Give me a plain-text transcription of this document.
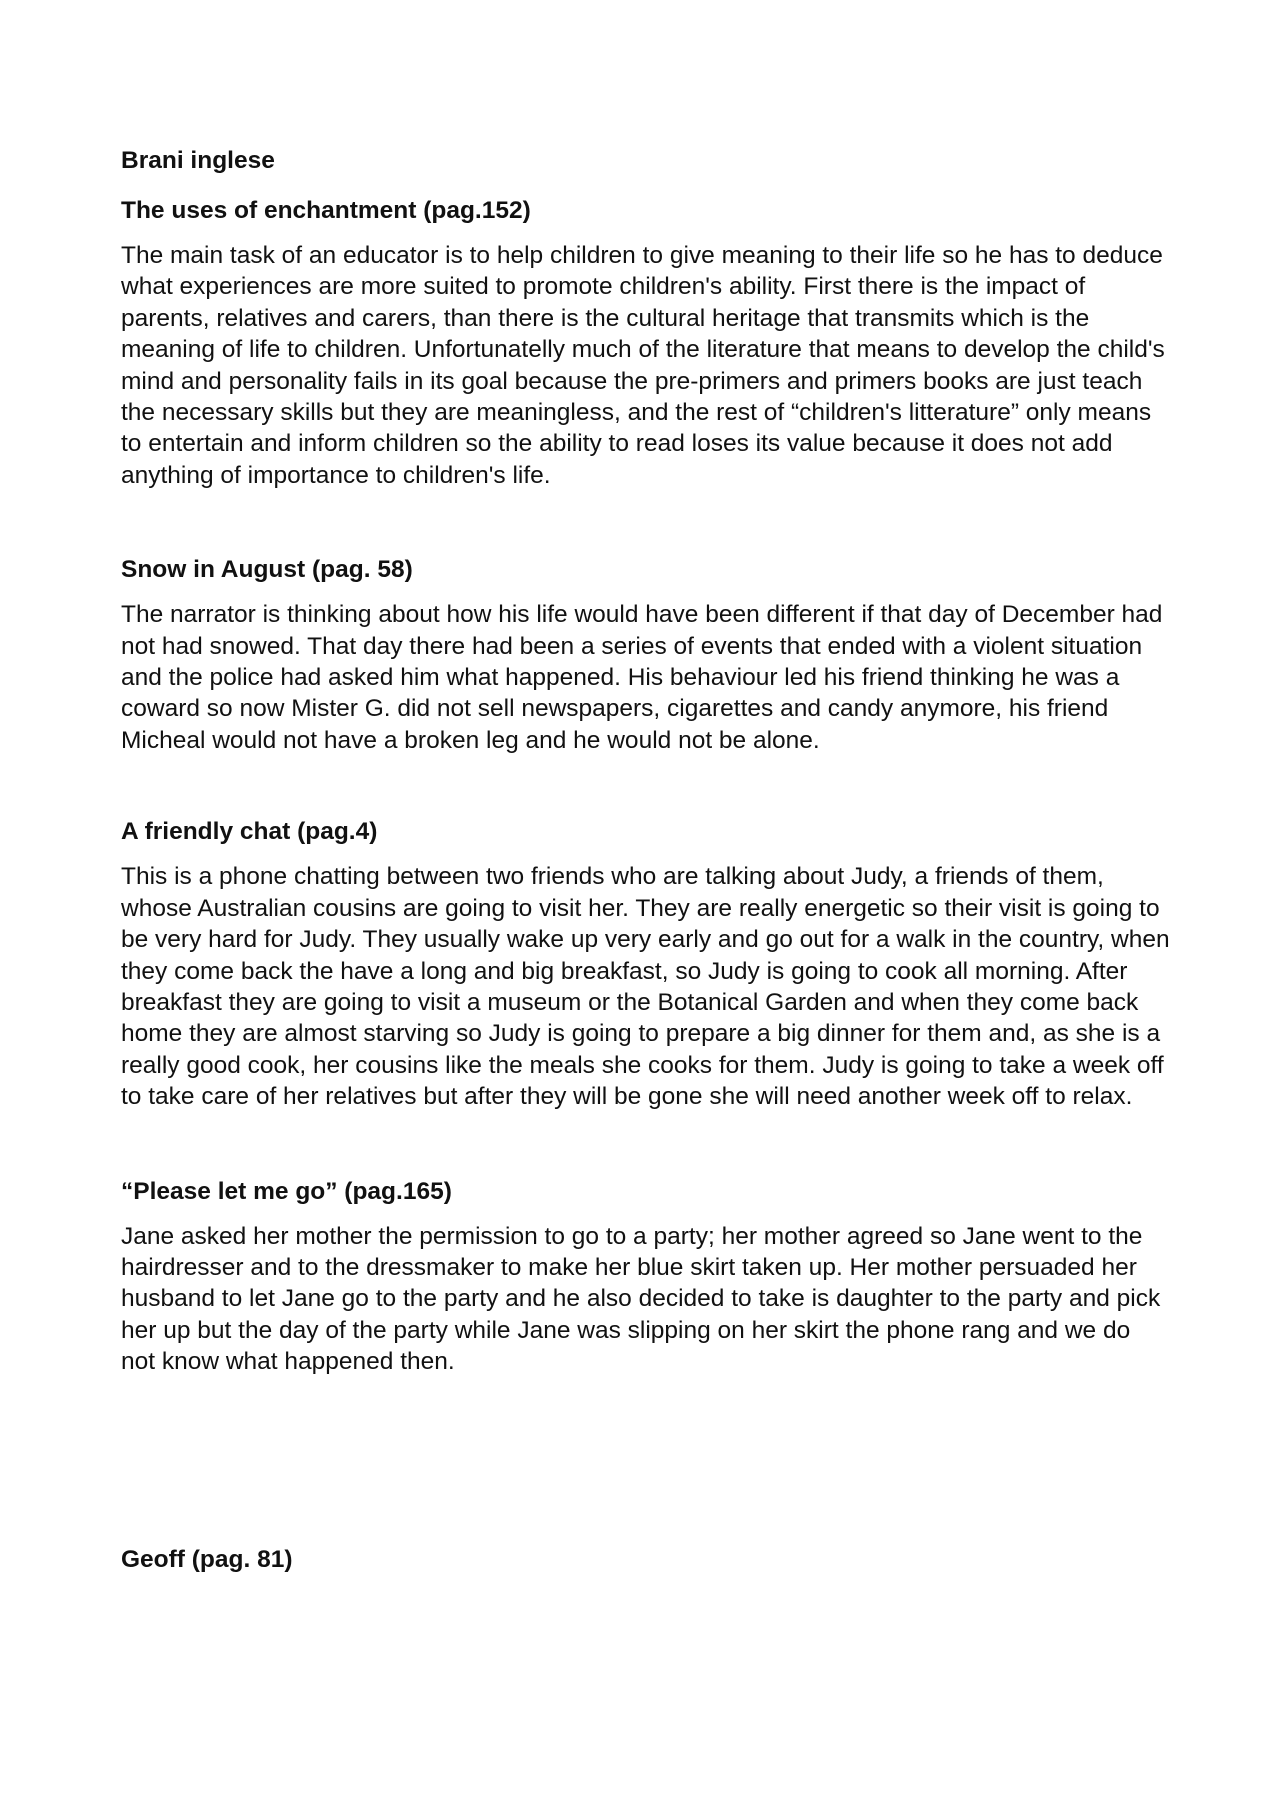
Brani inglese
The uses of enchantment (pag.152)

The main task of an educator is to help children to give meaning to their life so he has to deduce what experiences are more suited to promote children's ability. First there is the impact of parents, relatives and carers, than there is the cultural heritage that transmits which is the meaning of life to children. Unfortunatelly much of the literature that means to develop the child's mind and personality fails in its goal because the pre-primers and primers books are just teach the necessary skills but they are meaningless, and the rest of “children's litterature” only means to entertain and inform children so the ability to read loses its value because it does not add anything of importance to children's life.

Snow in August (pag. 58)

The narrator is thinking about how his life would have been different if that day of December had not had snowed. That day there had been a series of events that ended with a violent situation and the police had asked him what happened. His behaviour led his friend thinking he was a coward so now Mister G. did not sell newspapers, cigarettes and candy anymore, his friend Micheal would not have a broken leg and he would not be alone.

A friendly chat (pag.4)

This is a phone chatting between two friends who are talking about Judy, a friends of them, whose Australian cousins are going to visit her. They are really energetic so their visit is going to be very hard for Judy. They usually wake up very early and go out for a walk in the country, when they come back the have a long and big breakfast, so Judy is going to cook all morning. After breakfast they are going to visit a museum or the Botanical Garden and when they come back home they are almost starving so Judy is going to prepare a big dinner for them and, as she is a really good cook, her cousins like the meals she cooks for them. Judy is going to take a week off to take care of her relatives but after they will be gone she will need another week off to relax.

“Please let me go” (pag.165)

Jane asked her mother the permission to go to a party; her mother agreed so Jane went to the hairdresser and to the dressmaker to make her blue skirt taken up. Her mother persuaded her husband to let Jane go to the party and he also decided to take is daughter to the party and pick her up but the day of the party while Jane was slipping on her skirt the phone rang and we do not know what happened then.

Geoff (pag. 81)
